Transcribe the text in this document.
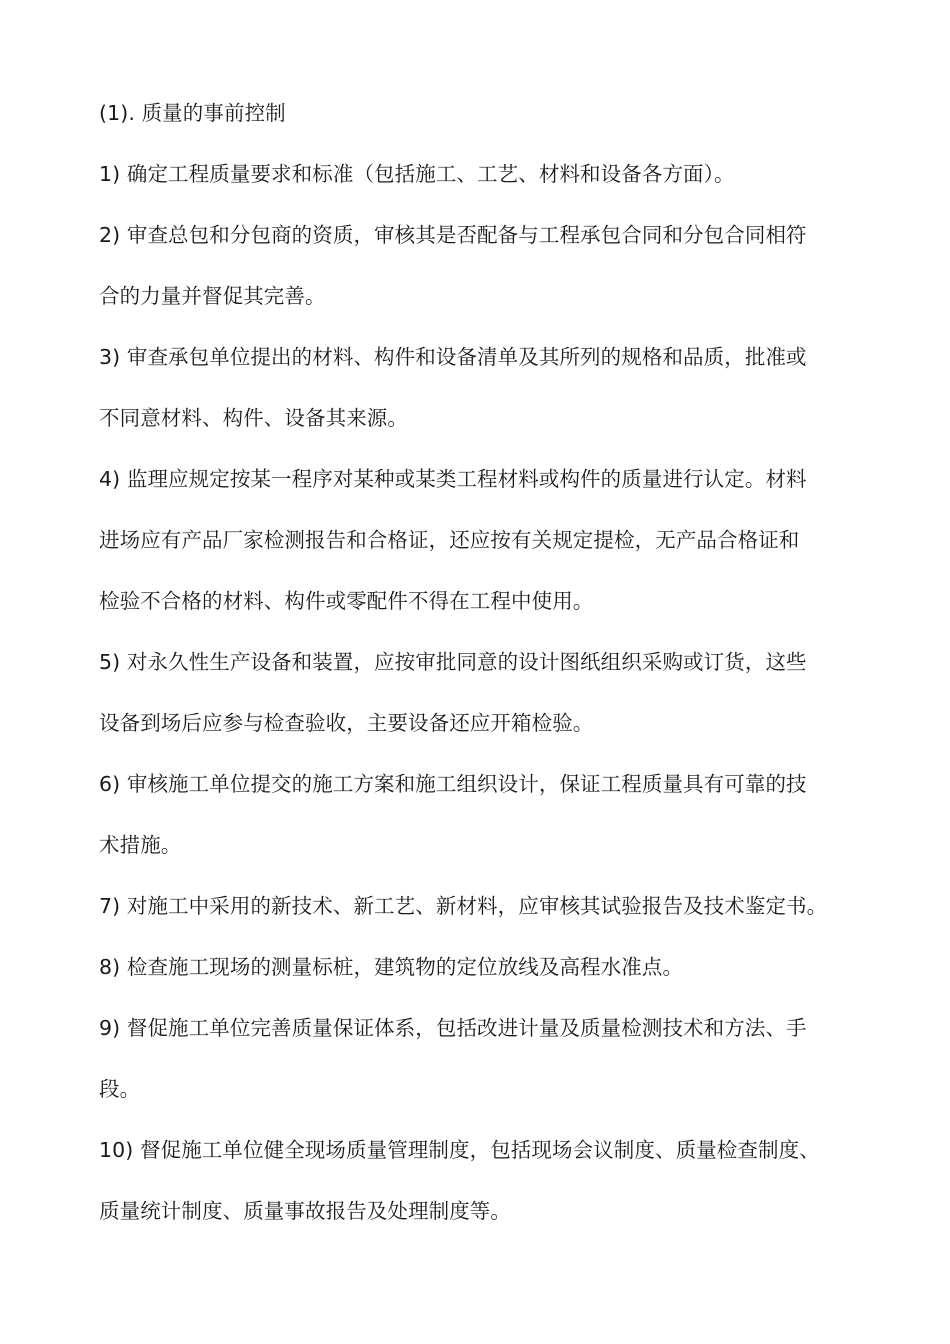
(1). 质量的事前控制
1) 确定工程质量要求和标准（包括施工、工艺、材料和设备各方面）。
2) 审查总包和分包商的资质，审核其是否配备与工程承包合同和分包合同相符
合的力量并督促其完善。
3) 审查承包单位提出的材料、构件和设备清单及其所列的规格和品质，批准或
不同意材料、构件、设备其来源。
4) 监理应规定按某一程序对某种或某类工程材料或构件的质量进行认定。材料
进场应有产品厂家检测报告和合格证，还应按有关规定提检，无产品合格证和
检验不合格的材料、构件或零配件不得在工程中使用。
5) 对永久性生产设备和装置，应按审批同意的设计图纸组织采购或订货，这些
设备到场后应参与检查验收，主要设备还应开箱检验。
6) 审核施工单位提交的施工方案和施工组织设计，保证工程质量具有可靠的技
术措施。
7) 对施工中采用的新技术、新工艺、新材料，应审核其试验报告及技术鉴定书。
8) 检查施工现场的测量标桩，建筑物的定位放线及高程水准点。
9) 督促施工单位完善质量保证体系，包括改进计量及质量检测技术和方法、手
段。
10) 督促施工单位健全现场质量管理制度，包括现场会议制度、质量检查制度、
质量统计制度、质量事故报告及处理制度等。
